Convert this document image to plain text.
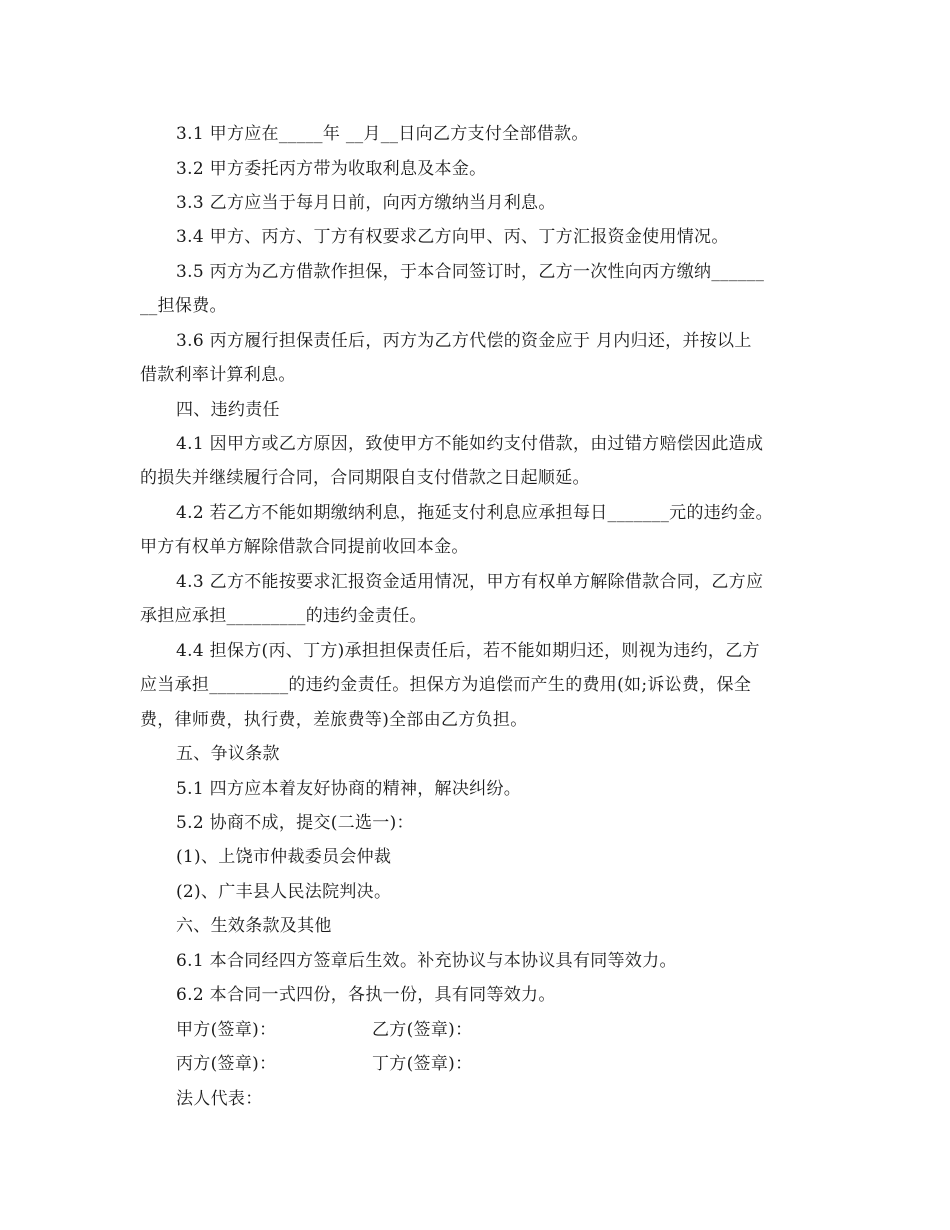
3.1 甲方应在_____年 __月__日向乙方支付全部借款。
3.2 甲方委托丙方带为收取利息及本金。
3.3 乙方应当于每月日前，向丙方缴纳当月利息。
3.4 甲方、丙方、丁方有权要求乙方向甲、丙、丁方汇报资金使用情况。
3.5 丙方为乙方借款作担保，于本合同签订时，乙方一次性向丙方缴纳______
__担保费。
3.6 丙方履行担保责任后，丙方为乙方代偿的资金应于 月内归还，并按以上
借款利率计算利息。
四、违约责任
4.1 因甲方或乙方原因，致使甲方不能如约支付借款，由过错方赔偿因此造成
的损失并继续履行合同，合同期限自支付借款之日起顺延。
4.2 若乙方不能如期缴纳利息，拖延支付利息应承担每日_______元的违约金。
甲方有权单方解除借款合同提前收回本金。
4.3 乙方不能按要求汇报资金适用情况，甲方有权单方解除借款合同，乙方应
承担应承担_________的违约金责任。
4.4 担保方(丙、丁方)承担担保责任后，若不能如期归还，则视为违约，乙方
应当承担_________的违约金责任。担保方为追偿而产生的费用(如;诉讼费，保全
费，律师费，执行费，差旅费等)全部由乙方负担。
五、争议条款
5.1 四方应本着友好协商的精神，解决纠纷。
5.2 协商不成，提交(二选一)：
(1)、上饶市仲裁委员会仲裁
(2)、广丰县人民法院判决。
六、生效条款及其他
6.1 本合同经四方签章后生效。补充协议与本协议具有同等效力。
6.2 本合同一式四份，各执一份，具有同等效力。
甲方(签章)：	乙方(签章)：
丙方(签章)：	丁方(签章)：
法人代表：
